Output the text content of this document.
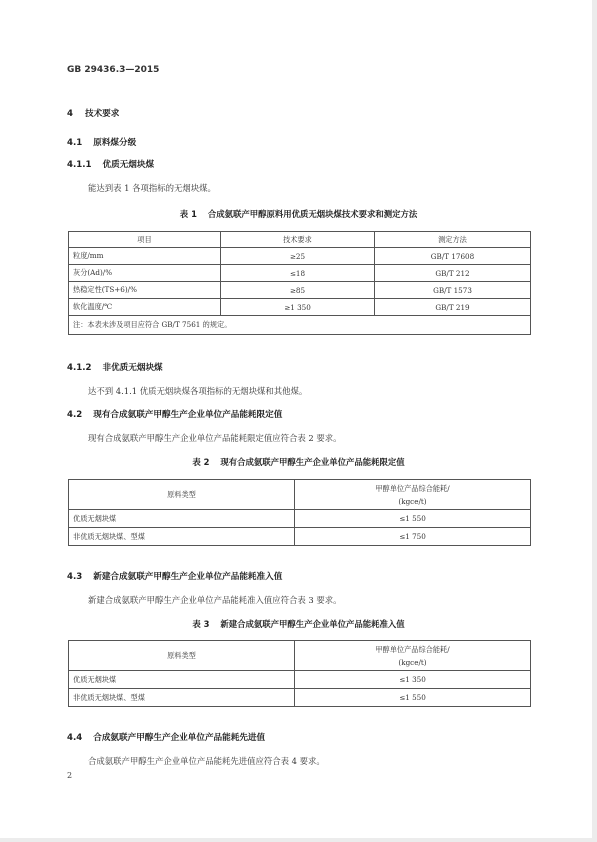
GB 29436.3—2015
4 技术要求
4.1 原料煤分级
4.1.1 优质无烟块煤
能达到表 1 各项指标的无烟块煤。
表 1 合成氨联产甲醇原料用优质无烟块煤技术要求和测定方法
项目	技术要求	测定方法
粒度/mm	≥25	GB/T 17608
灰分(Ad)/%	≤18	GB/T 212
热稳定性(TS+6)/%	≥85	GB/T 1573
软化温度/℃	≥1 350	GB/T 219
注：本表未涉及项目应符合 GB/T 7561 的规定。		
4.1.2 非优质无烟块煤
达不到 4.1.1 优质无烟块煤各项指标的无烟块煤和其他煤。
4.2 现有合成氨联产甲醇生产企业单位产品能耗限定值
现有合成氨联产甲醇生产企业单位产品能耗限定值应符合表 2 要求。
表 2 现有合成氨联产甲醇生产企业单位产品能耗限定值
原料类型	甲醇单位产品综合能耗/
(kgce/t)

优质无烟块煤	≤1 550
非优质无烟块煤、型煤	≤1 750
4.3 新建合成氨联产甲醇生产企业单位产品能耗准入值
新建合成氨联产甲醇生产企业单位产品能耗准入值应符合表 3 要求。
表 3 新建合成氨联产甲醇生产企业单位产品能耗准入值
原料类型	甲醇单位产品综合能耗/
(kgce/t)

优质无烟块煤	≤1 350
非优质无烟块煤、型煤	≤1 550
4.4 合成氨联产甲醇生产企业单位产品能耗先进值
合成氨联产甲醇生产企业单位产品能耗先进值应符合表 4 要求。
2
